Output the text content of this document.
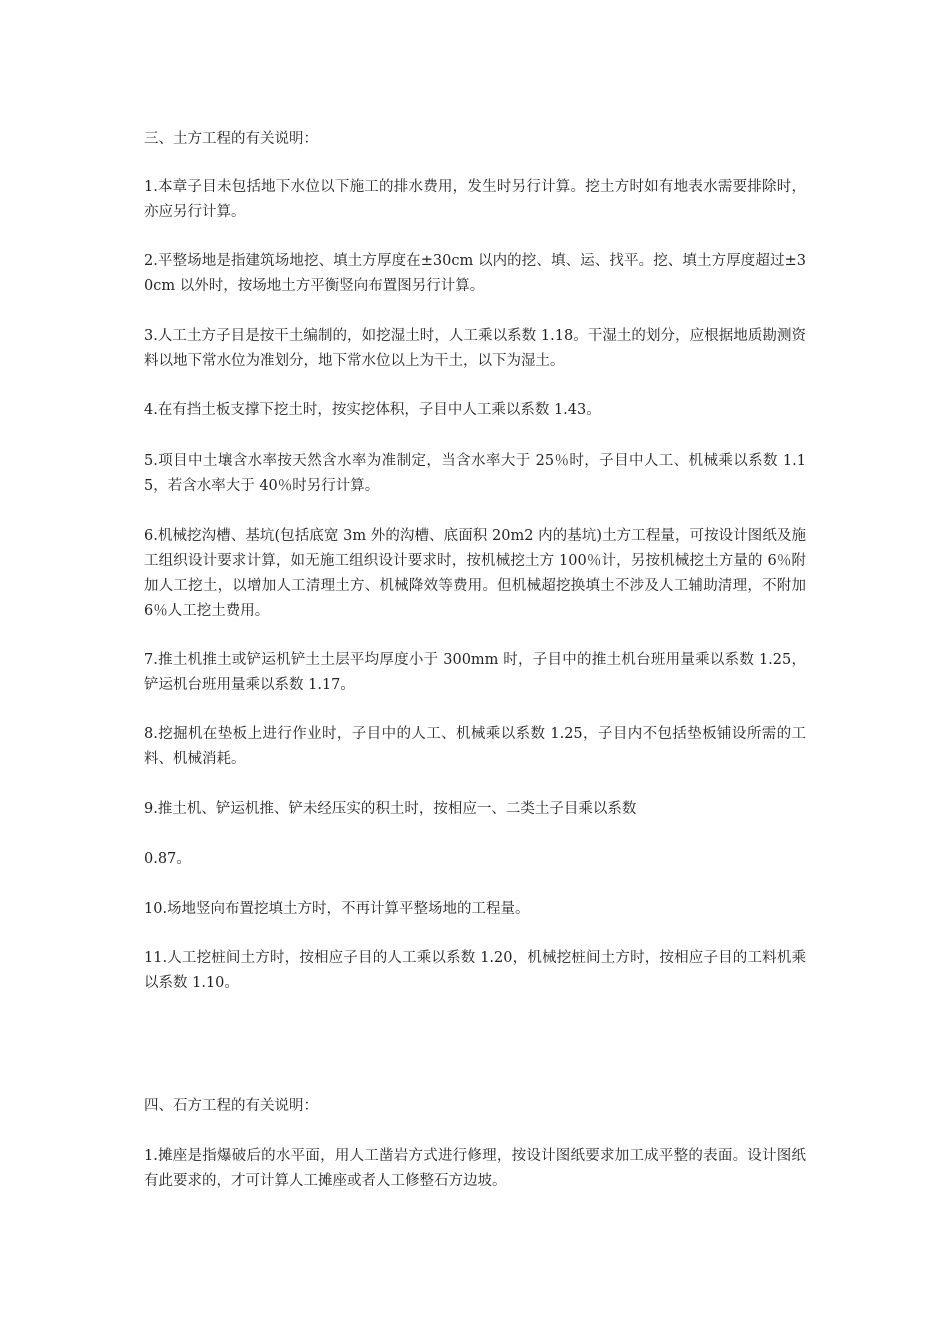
三、土方工程的有关说明：

1.本章子目未包括地下水位以下施工的排水费用，发生时另行计算。挖土方时如有地表水需要排除时，亦应另行计算。

2.平整场地是指建筑场地挖、填土方厚度在±30cm 以内的挖、填、运、找平。挖、填土方厚度超过±30cm 以外时，按场地土方平衡竖向布置图另行计算。

3.人工土方子目是按干土编制的，如挖湿土时，人工乘以系数 1.18。干湿土的划分，应根据地质勘测资料以地下常水位为准划分，地下常水位以上为干土，以下为湿土。

4.在有挡土板支撑下挖土时，按实挖体积，子目中人工乘以系数 1.43。

5.项目中土壤含水率按天然含水率为准制定，当含水率大于 25％时，子目中人工、机械乘以系数 1.15，若含水率大于 40％时另行计算。

6.机械挖沟槽、基坑(包括底宽 3m 外的沟槽、底面积 20m2 内的基坑)土方工程量，可按设计图纸及施工组织设计要求计算，如无施工组织设计要求时，按机械挖土方 100％计，另按机械挖土方量的 6％附加人工挖土，以增加人工清理土方、机械降效等费用。但机械超挖换填土不涉及人工辅助清理，不附加 6％人工挖土费用。

7.推土机推土或铲运机铲土土层平均厚度小于 300mm 时，子目中的推土机台班用量乘以系数 1.25，铲运机台班用量乘以系数 1.17。

8.挖掘机在垫板上进行作业时，子目中的人工、机械乘以系数 1.25，子目内不包括垫板铺设所需的工料、机械消耗。

9.推土机、铲运机推、铲未经压实的积土时，按相应一、二类土子目乘以系数

0.87。

10.场地竖向布置挖填土方时，不再计算平整场地的工程量。

11.人工挖桩间土方时，按相应子目的人工乘以系数 1.20，机械挖桩间土方时，按相应子目的工料机乘以系数 1.10。

四、石方工程的有关说明：

1.摊座是指爆破后的水平面，用人工凿岩方式进行修理，按设计图纸要求加工成平整的表面。设计图纸有此要求的，才可计算人工摊座或者人工修整石方边坡。
